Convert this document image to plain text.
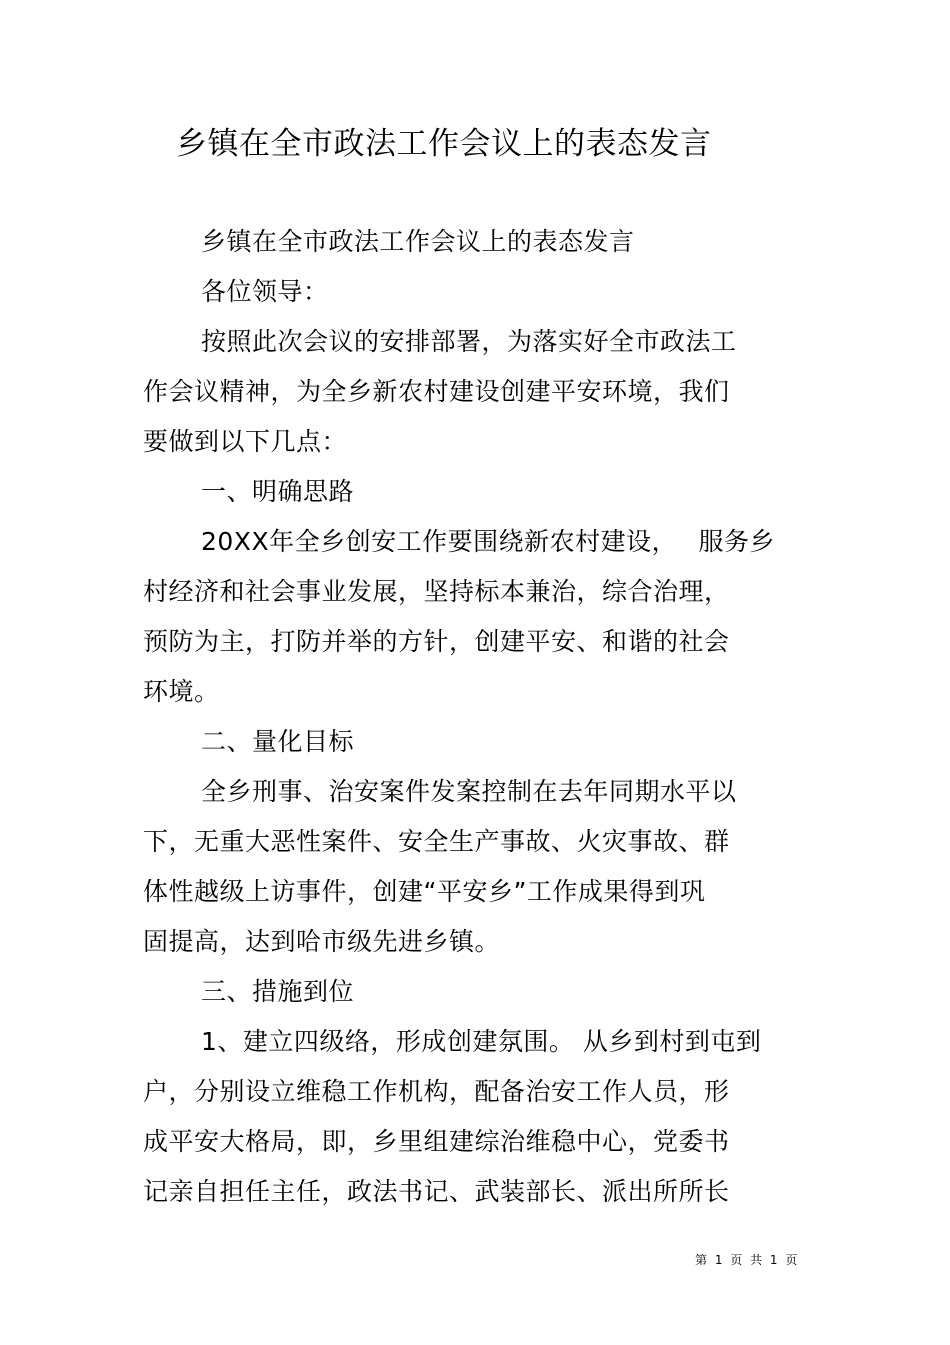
乡镇在全市政法工作会议上的表态发言
乡镇在全市政法工作会议上的表态发言
各位领导：
按照此次会议的安排部署，为落实好全市政法工
作会议精神，为全乡新农村建设创建平安环境，我们
要做到以下几点：
一、明确思路
20XX年全乡创安工作要围绕新农村建设，　 服务乡
村经济和社会事业发展，坚持标本兼治，综合治理，
预防为主，打防并举的方针，创建平安、和谐的社会
环境。
二、量化目标
全乡刑事、治安案件发案控制在去年同期水平以
下，无重大恶性案件、安全生产事故、火灾事故、群
体性越级上访事件，创建“平安乡”工作成果得到巩
固提高，达到哈市级先进乡镇。
三、措施到位
1、建立四级络，形成创建氛围。 从乡到村到屯到
户，分别设立维稳工作机构，配备治安工作人员，形
成平安大格局，即，乡里组建综治维稳中心，党委书
记亲自担任主任，政法书记、武装部长、派出所所长
第 1 页 共 1 页
